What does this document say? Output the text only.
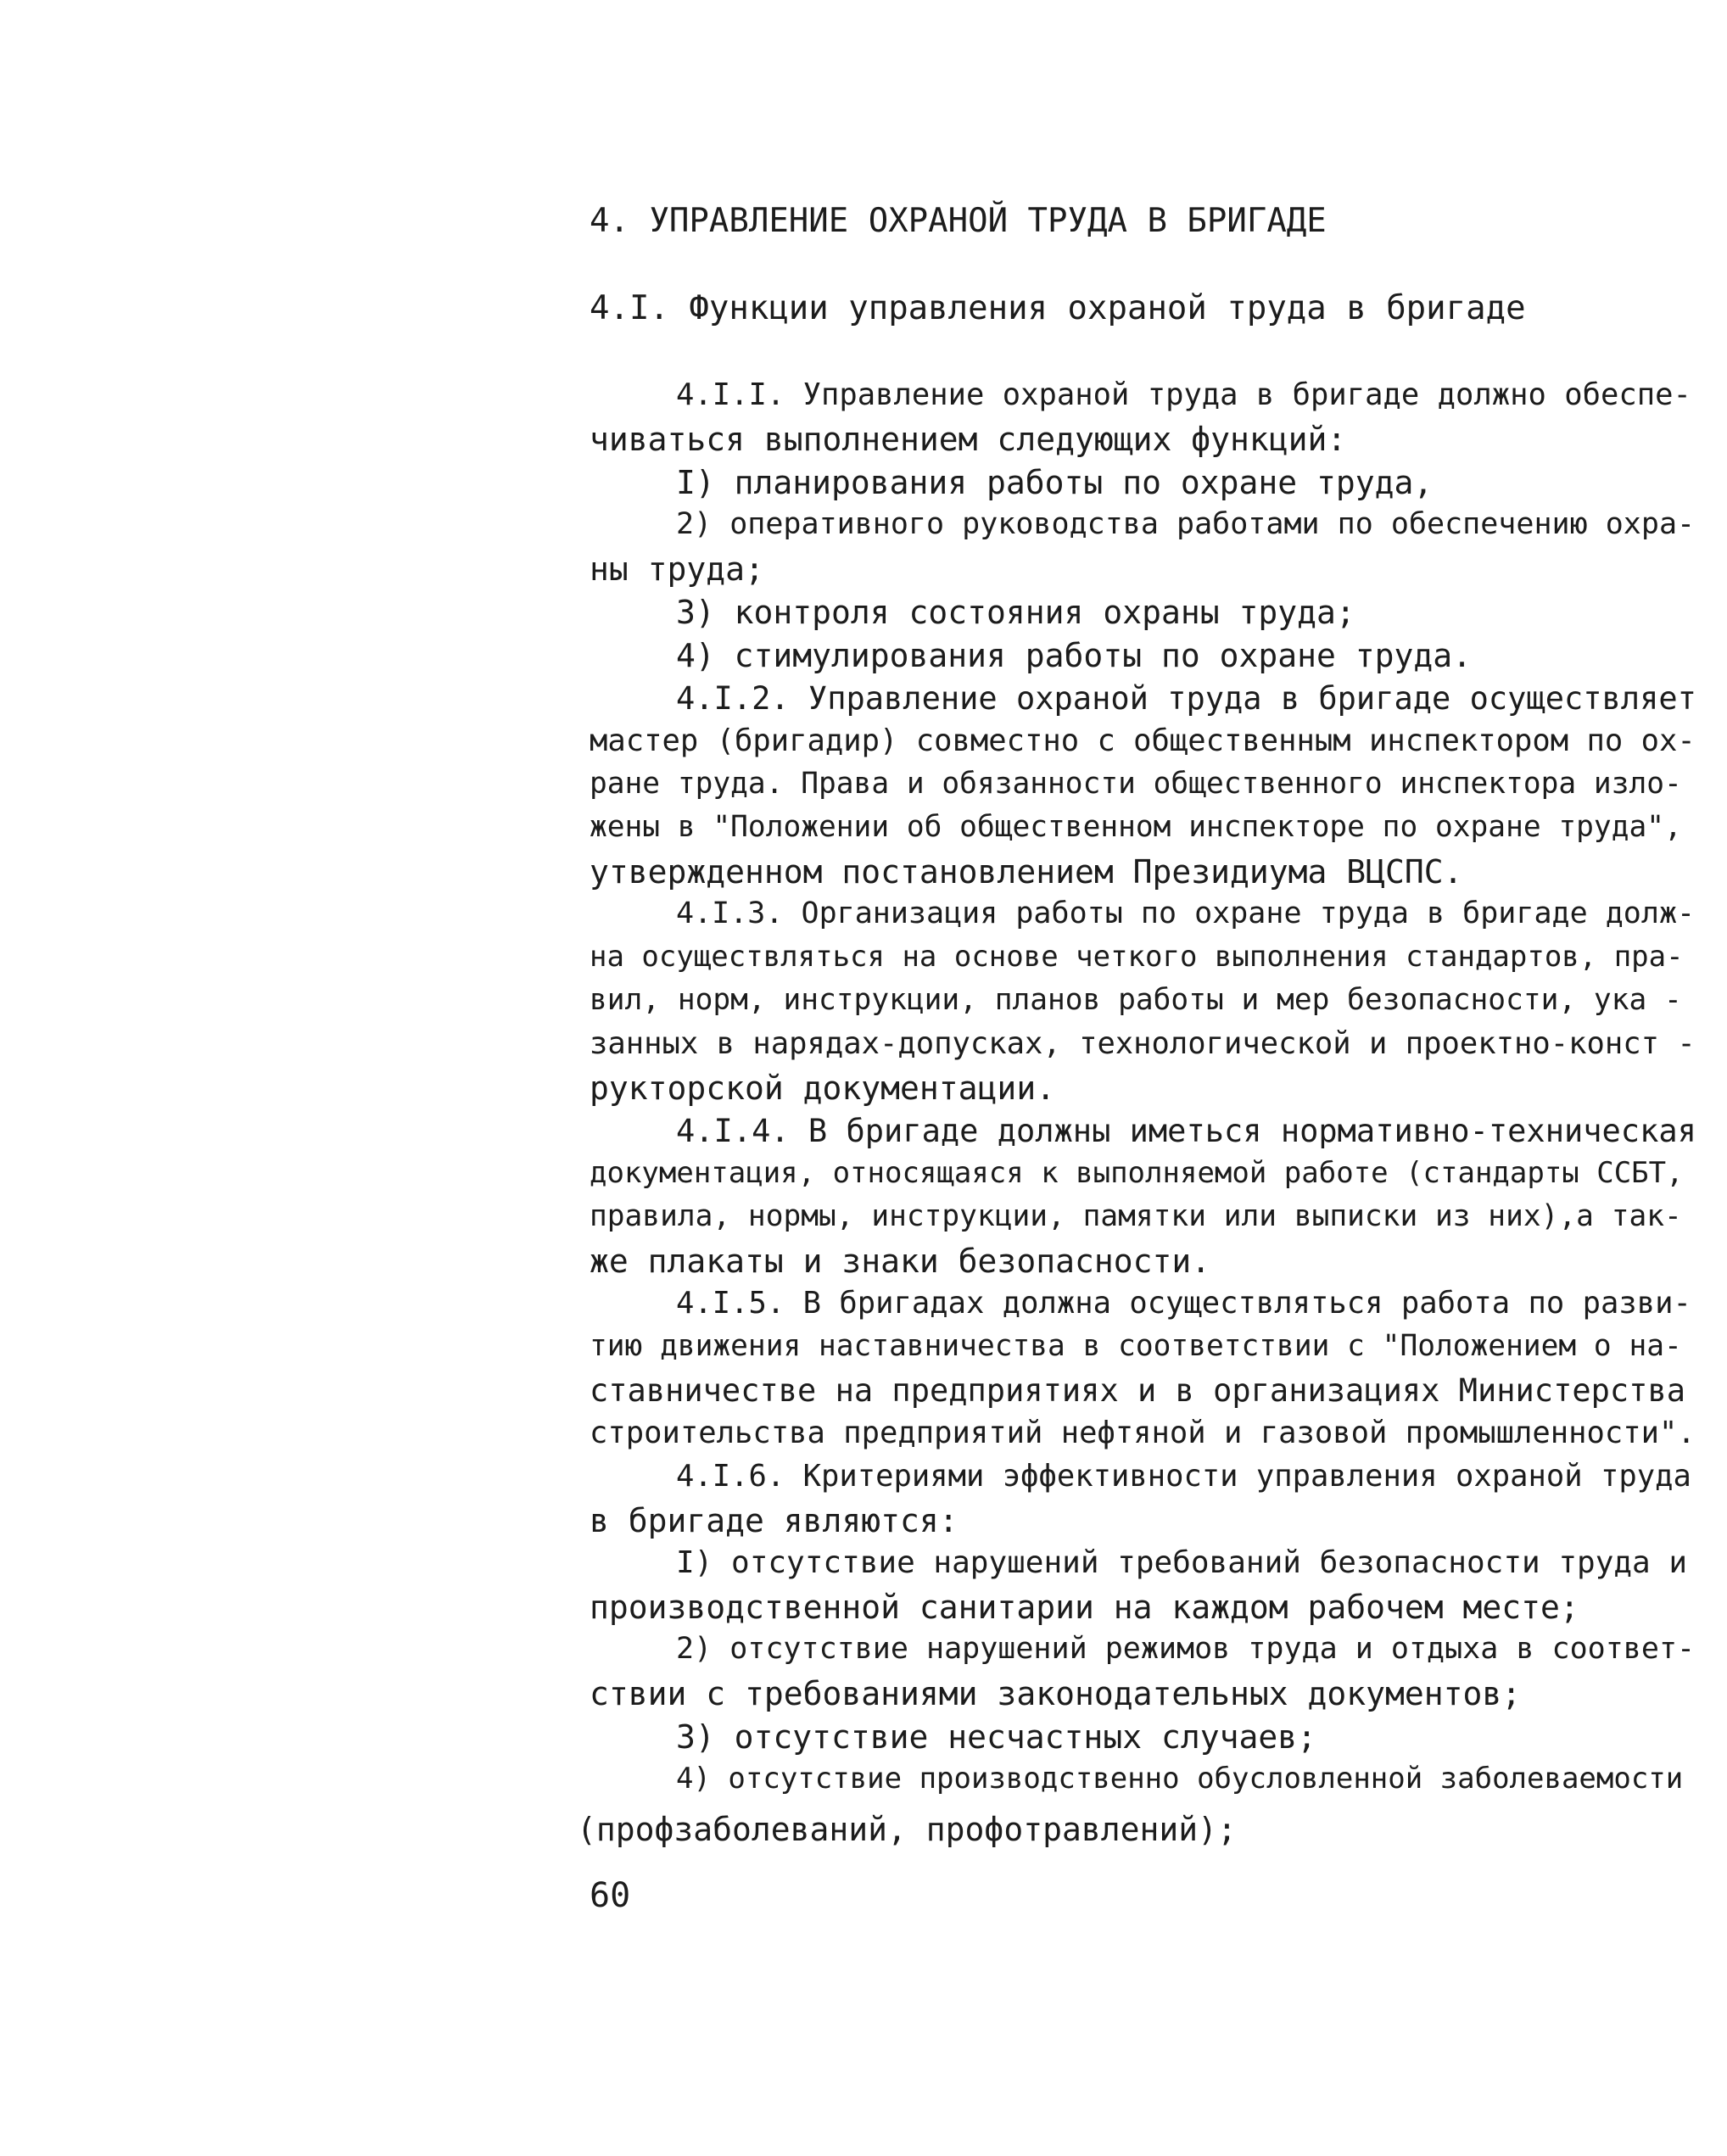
4. УПРАВЛЕНИЕ ОХРАНОЙ ТРУДА В БРИГАДЕ
4.I. Функции управления охраной труда в бригаде
4.I.I. Управление охраной труда в бригаде должно обеспе-
чиваться выполнением следующих функций:
I) планирования работы по охране труда,
2) оперативного руководства работами по обеспечению охра-
ны труда;
3) контроля состояния охраны труда;
4) стимулирования работы по охране труда.
4.I.2. Управление охраной труда в бригаде осуществляет
мастер (бригадир) совместно с общественным инспектором по ох-
ране труда. Права и обязанности общественного инспектора изло-
жены в "Положении об общественном инспекторе по охране труда",
утвержденном постановлением Президиума ВЦСПС.
4.I.3. Организация работы по охране труда в бригаде долж-
на осуществляться на основе четкого выполнения стандартов, пра-
вил, норм, инструкции, планов работы и мер безопасности, ука -
занных в нарядах-допусках, технологической и проектно-конст -
рукторской документации.
4.I.4. В бригаде должны иметься нормативно-техническая
документация, относящаяся к выполняемой работе (стандарты ССБТ,
правила, нормы, инструкции, памятки или выписки из них),а так-
же плакаты и знаки безопасности.
4.I.5. В бригадах должна осуществляться работа по разви-
тию движения наставничества в соответствии с "Положением о на-
ставничестве на предприятиях и в организациях Министерства
строительства предприятий нефтяной и газовой промышленности".
4.I.6. Критериями эффективности управления охраной труда
в бригаде являются:
I) отсутствие нарушений требований безопасности труда и
производственной санитарии на каждом рабочем месте;
2) отсутствие нарушений режимов труда и отдыха в соответ-
ствии с требованиями законодательных документов;
3) отсутствие несчастных случаев;
4) отсутствие производственно обусловленной заболеваемости
(профзаболеваний, профотравлений);
60
